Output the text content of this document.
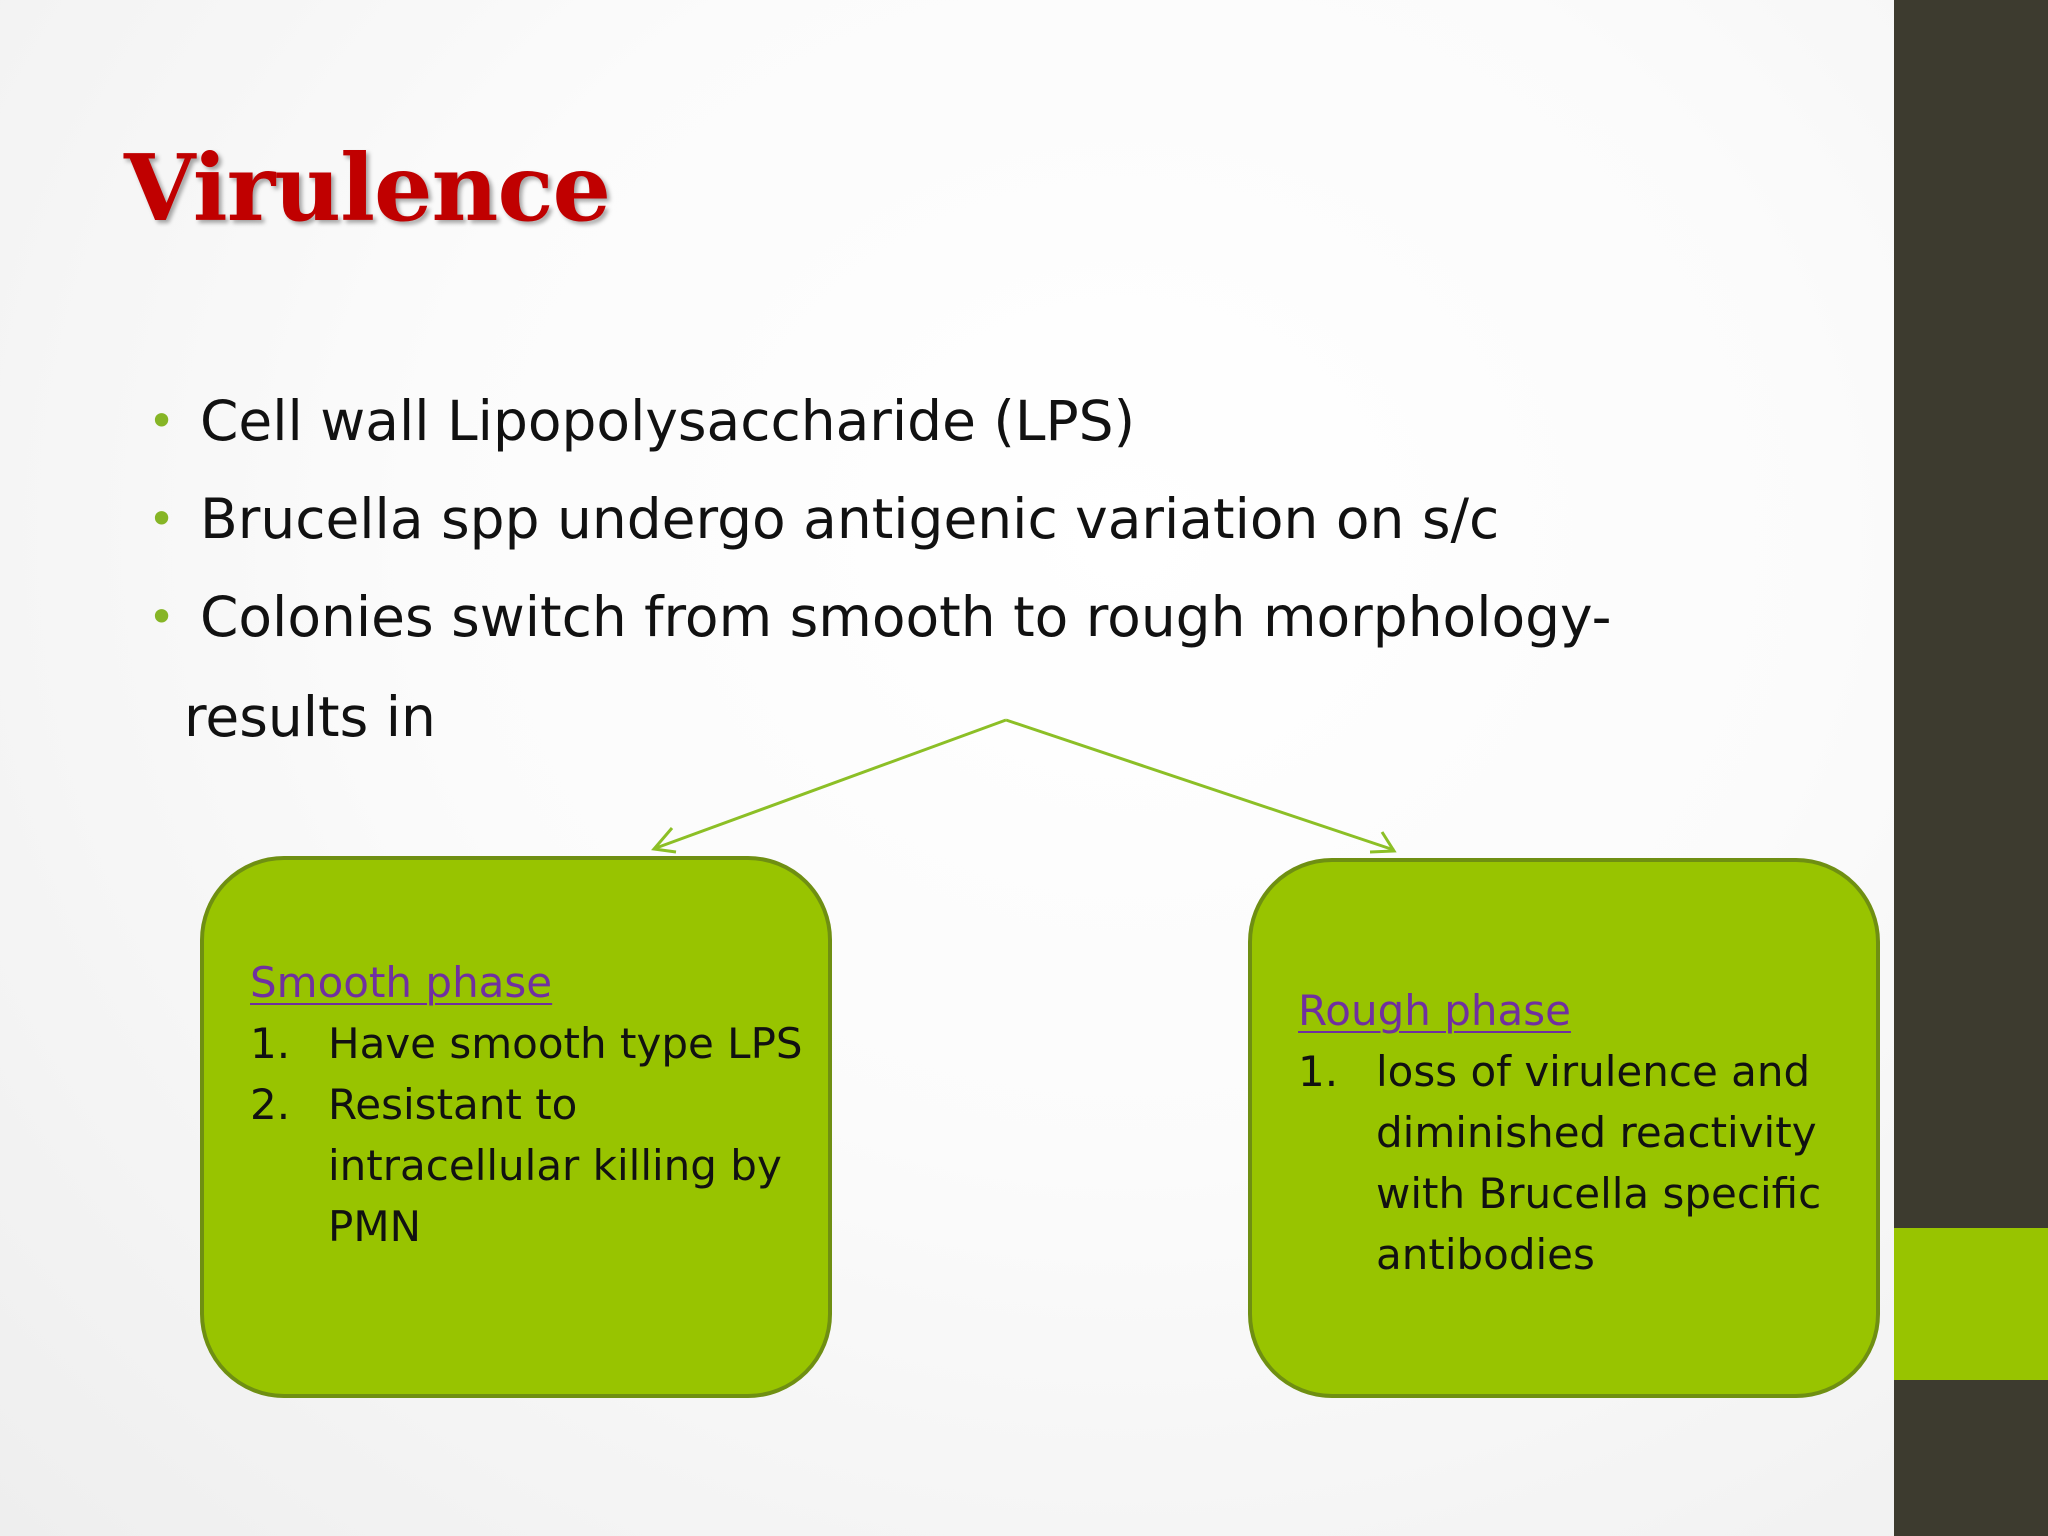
Virulence
• Cell wall Lipopolysaccharide (LPS)
• Brucella spp undergo antigenic variation on s/c
• Colonies switch from smooth to rough morphology-
results in
Smooth phase
1. Have smooth type LPS
2. Resistant to intracellular killing by PMN
Rough phase
1. loss of virulence and diminished reactivity with Brucella specific antibodies
